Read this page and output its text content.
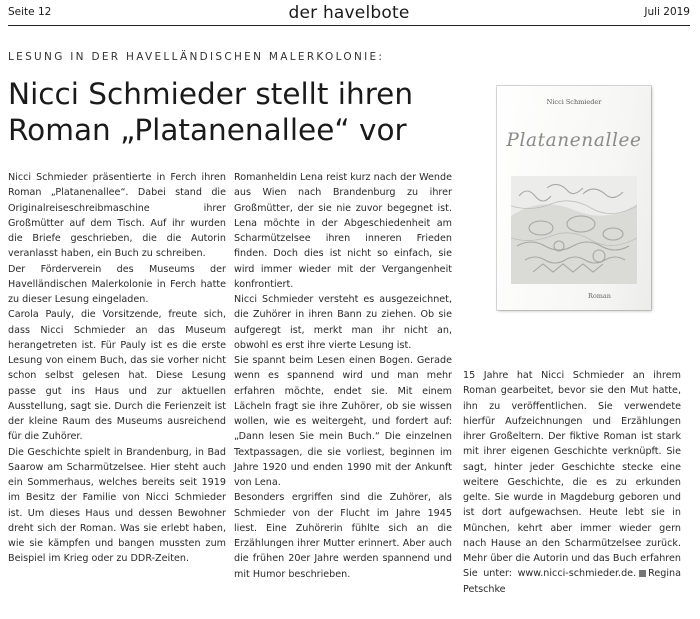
Seite 12	der havelbote	Juli 2019
LESUNG IN DER HAVELLÄNDISCHEN MALERKOLONIE:
Nicci Schmieder stellt ihren
Roman „Platanenallee“ vor
Nicci Schmieder
Platanenallee
Roman

Nicci Schmieder präsentierte in Ferch ihren Roman „Platanenallee“. Dabei stand die Originalreiseschreibmaschine ihrer Großmütter auf dem Tisch. Auf ihr wurden die Briefe geschrieben, die die Autorin veranlasst haben, ein Buch zu schreiben.

Der Förderverein des Museums der Havelländischen Malerkolonie in Ferch hatte zu dieser Lesung eingeladen.

Carola Pauly, die Vorsitzende, freute sich, dass Nicci Schmieder an das Museum herangetreten ist. Für Pauly ist es die erste Lesung von einem Buch, das sie vorher nicht schon selbst gelesen hat. Diese Lesung passe gut ins Haus und zur aktuellen Ausstellung, sagt sie. Durch die Ferienzeit ist der kleine Raum des Museums ausreichend für die Zuhörer.

Die Geschichte spielt in Brandenburg, in Bad Saarow am Scharmützelsee. Hier steht auch ein Sommerhaus, welches bereits seit 1919 im Besitz der Familie von Nicci Schmieder ist. Um dieses Haus und dessen Bewohner dreht sich der Roman. Was sie erlebt haben, wie sie kämpfen und bangen mussten zum Beispiel im Krieg oder zu DDR-Zeiten.

Romanheldin Lena reist kurz nach der Wende aus Wien nach Brandenburg zu ihrer Großmütter, der sie nie zuvor begegnet ist. Lena möchte in der Abgeschiedenheit am Scharmützelsee ihren inneren Frieden finden. Doch dies ist nicht so einfach, sie wird immer wieder mit der Vergangenheit konfrontiert.

Nicci Schmieder versteht es ausgezeichnet, die Zuhörer in ihren Bann zu ziehen. Ob sie aufgeregt ist, merkt man ihr nicht an, obwohl es erst ihre vierte Lesung ist.

Sie spannt beim Lesen einen Bogen. Gerade wenn es spannend wird und man mehr erfahren möchte, endet sie. Mit einem Lächeln fragt sie ihre Zuhörer, ob sie wissen wollen, wie es weitergeht, und fordert auf: „Dann lesen Sie mein Buch.“ Die einzelnen Textpassagen, die sie vorliest, beginnen im Jahre 1920 und enden 1990 mit der Ankunft von Lena.

Besonders ergriffen sind die Zuhörer, als Schmieder von der Flucht im Jahre 1945 liest. Eine Zuhörerin fühlte sich an die Erzählungen ihrer Mutter erinnert. Aber auch die frühen 20er Jahre werden spannend und mit Humor beschrieben.

15 Jahre hat Nicci Schmieder an ihrem Roman gearbeitet, bevor sie den Mut hatte, ihn zu veröffentlichen. Sie verwendete hierfür Aufzeichnungen und Erzählungen ihrer Großeltern. Der fiktive Roman ist stark mit ihrer eigenen Geschichte verknüpft. Sie sagt, hinter jeder Geschichte stecke eine weitere Geschichte, die es zu erkunden gelte. Sie wurde in Magdeburg geboren und ist dort aufgewachsen. Heute lebt sie in München, kehrt aber immer wieder gern nach Hause an den Scharmützelsee zurück. Mehr über die Autorin und das Buch erfahren Sie unter: www.nicci-schmieder.de. Regina Petschke
